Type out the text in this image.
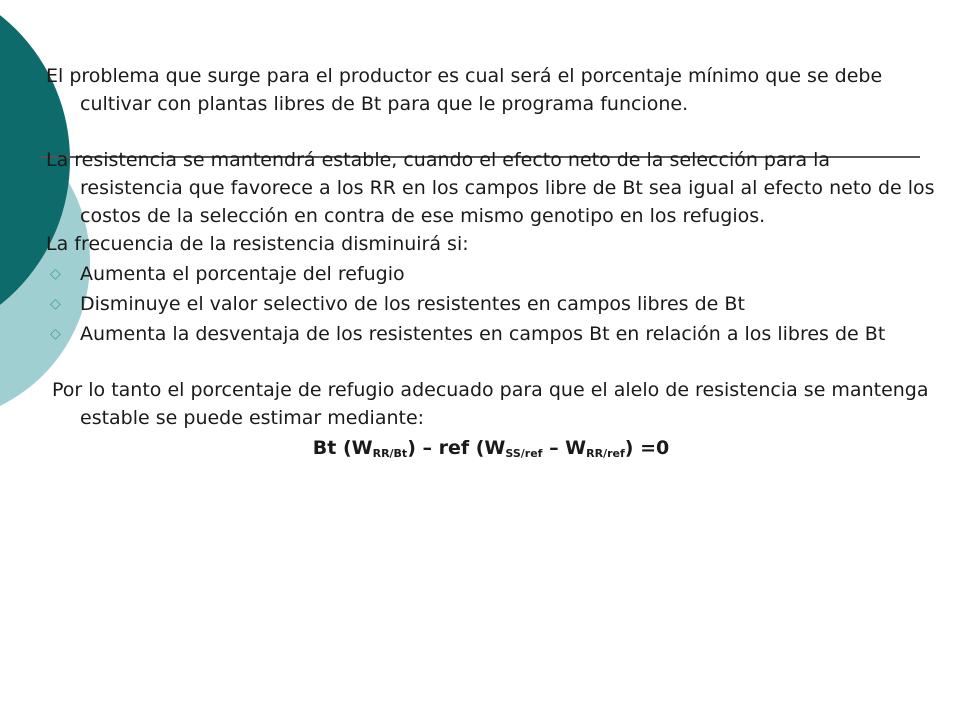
El problema que surge para el productor es cual será el porcentaje mínimo que se debe cultivar con plantas libres de Bt para que le programa funcione.

La resistencia se mantendrá estable, cuando el efecto neto de la selección para la resistencia que favorece a los RR en los campos libre de Bt sea igual al efecto neto de los costos de la selección en contra de ese mismo genotipo en los refugios.

La frecuencia de la resistencia disminuirá si:

◇ Aumenta el porcentaje del refugio
◇ Disminuye el valor selectivo de los resistentes en campos libres de Bt
◇ Aumenta la desventaja de los resistentes en campos Bt en relación a los libres de Bt

Por lo tanto el porcentaje de refugio adecuado para que el alelo de resistencia se mantenga estable se puede estimar mediante:

Bt $(W_{RR/Bt})$ – ref $(W_{SS/ref} - W_{RR/ref}) =0$
